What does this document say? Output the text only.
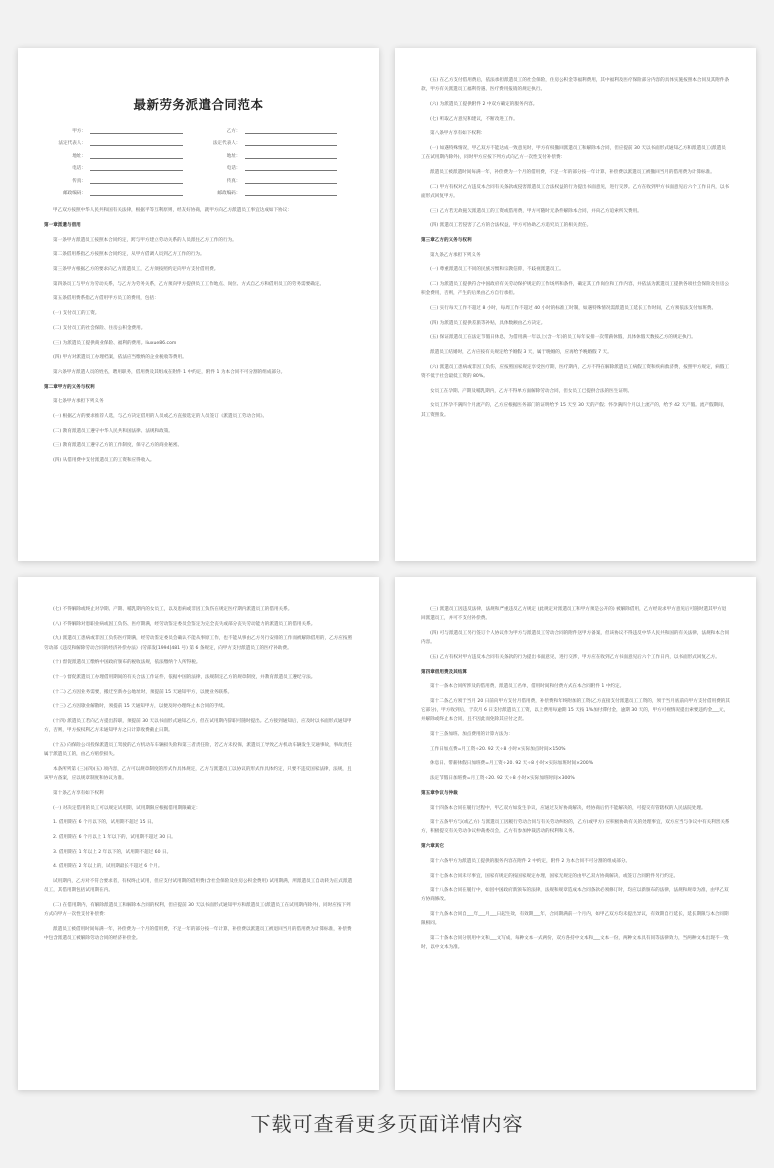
最新劳务派遣合同范本
甲方：	乙方：
法定代表人：	法定代表人：
地址：	地址：
电话：	电话：
传真：	传真：
邮政编码：	邮政编码：
甲乙双方按照中华人民共和国有关法律，根据平等互利原则，经友好协商，就甲方向乙方派遣员工事宜达成如下协议：
第一章派遣与借用
第一条甲方派遣员工按照本合同约定，跨与甲方建立劳动关系的人员派往乙方工作的行为。
第二条借用系指乙方按照本合同约定，从甲方借调人员到乙方工作的行为。
第三条甲方根据乙方的要求向乙方派遣员工，乙方须按照约定向甲方支付借用费。
第四条员工与甲方为劳动关系，与乙方为劳务关系，乙方须向甲方提供员工工作地点、岗位、方式自乙方和借用员工的劳务需要确定。
第五条借用费系指乙方借用甲方员工的费用，包括：
(一) 支付员工的工资。
(二) 支付员工的社会保险、住房公积金费用。
(三) 为派遣员工提供商业保险、福利的费用。liuxue86.com
(四) 甲方对派遣员工办理档案，依法应当缴纳的企业税收等费用。
第六条甲方派遣人员的姓名，聘用职务，借用费及其组成在附件 1 中约定，附件 1 为本合同不可分割的组成部分。
第二章甲方的义务与权利
第七条甲方承担下列义务
(一) 根据乙方的要求推荐人选，与乙方决定借用的人员或乙方直接选定的人员签订《派遣员工劳动合同》。
(二) 教育派遣员工遵守中华人民共和国法律、法规和政策。
(三) 教育派遣员工遵守乙方的工作制度，保守乙方的商业秘密。
(四) 从借用费中支付派遣员工的工资和应得收入。
(五) 在乙方支付借用费后，依法承担派遣员工的社会保险，住房公积金等福利费用，其中福利及医疗保险部分内容的具体实施按照本合同及其附件条款，甲方有关派遣员工福利待遇、医疗费用报销的规定执行。
(六) 为派遣员工提供附件 2 中双方确定的服务内容。
(七) 听取乙方意见和建议，不断改进工作。
第八条甲方享有如下权利：
(一) 如遇特殊情况，甲乙双方不能达成一致意见时，甲方有权撤回派遣员工和解除本合同，但应提前 30 天以书面形式通知乙方和派遣员工(派遣员工在试用期内除外)，同时甲方应按下列方式向乙方一次性支付补偿费：
派遣员工被派遣时间每满一年，补偿费为一个月的借用费，不足一年的部分按一年计算，补偿费以派遣员工被撤回当月的借用费为计算标准。
(二) 甲方有权对乙方违反本合同有关条款或侵害派遣员工合法权益的行为提出书面意见，进行交涉。乙方在收到甲方书面意见后六个工作日内，以书面形式回复甲方。
(三) 乙方若无故拖欠派遣员工的工资或借用费，甲方可随时无条件解除本合同，并向乙方追索所欠费用。
(四) 派遣员工若侵害了乙方的合法权益，甲方可协助乙方追究员工的相关责任。
第三章乙方的义务与权利
第九条乙方承担下列义务
(一) 尊重派遣员工不同的民族习惯和宗教信仰，不歧视派遣员工。
(二) 为派遣员工提供符合中国政府有关劳动保护规定的工作场所和条件，确定其工作岗位和工作内容，并依法为派遣员工提供各项社会保险及住房公积金费用，否则，产生的后果由乙方自行承担。
(三) 实行每天工作不超过 8 小时，每周工作不超过 40 小时的标准工时制，如遇特殊情况需派遣员工延长工作时间，乙方须依法支付加班费。
(四) 为派遣员工提供差旅等补贴，具体数额由乙方决定。
(五) 保证派遣员工在法定节假日休息，为借用满一年以上(含一年)的员工每年安排一次带薪休假，具体休假天数按乙方的规定执行。
派遣员工结婚时，乙方应按有关规定给予婚假 3 天，属于晚婚的，应再给予晚婚假 7 天。
(六) 派遣员工患病或非因工负伤，应按照国家规定享受医疗期，医疗期内，乙方不得在解除派遣员工病假工资和疾病救济费，按照甲方规定，病假工资不低于社会最低工资的 80%。
女员工在孕期、产期及哺乳期内，乙方不得单方面解除劳动合同，但女员工已提供合法的医生证明。
女员工怀孕不满四个月流产的，乙方应根据医务部门的证明给予 15 天至 30 天的产假；怀孕满四个月以上流产的，给予 42 天产假。流产假期间，其工资照发。
(七) 不得解除或终止对孕期、产期、哺乳期内的女员工，以及患病或非因工负伤在规定医疗期内派遣员工的借用关系。
(八) 不得解除对患职业病或因工负伤、医疗期满，经劳动鉴定委员会鉴定为完全丧失或部分丧失劳动能力的派遣员工的借用关系。
(九) 派遣员工患病或非因工负伤医疗期满，经劳动鉴定委员会确认不能从事原工作，也不能从事由乙方另行安排的工作而被解除借用的，乙方应按照劳动部《违反和解除劳动合同的经济补偿办法》(劳部发[1994]481 号) 第 6 条规定，向甲方支付派遣员工的医疗补助费。
(十) 督促派遣员工缴纳中国政府颁布的税收法规，依法缴纳个人所得税。
(十一) 督促派遣员工办理借用期间的有关合法工作证件，依据中国的法律，法规制定乙方的规章制度，并教育派遣员工遵纪守法。
(十二) 乙方因业务需要，搬迁至新办公地址时，须提前 15 天通知甲方，以便业务联系。
(十三) 乙方因歇业解散时，须提前 15 天通知甲方，以便及时办理终止本合同的手续。
(十四) 派遣员工若向乙方提出辞职，须提前 30 天以书面形式通知乙方，但在试用期内辞职可随时提出。乙方接到通知后，应及时以书面形式通知甲方，否则，甲方按权利乙方未通知甲方之日计算收费截止日期。
(十五) 向保险公司投保派遣员工驾驶的乙方机动车车辆损失险和第三者责任险，若乙方未投保，派遣员工导致乙方机动车辆发生交通事故，事故责任属于派遣员工的，由乙方赔偿损失。
本条所列第 (三)(四)(五) 项内容，乙方可以规章制度的形式作具体规定，乙方与派遣员工以协议的形式作具体约定，只要不违反国家法律，法规，且该甲方备案，应以规章制度和协议为准。
第十条乙方享有如下权利
(一) 对决定借用的员工可以规定试用期，试用期限应根据借用期限确定：
1. 借用期在 6 个月以下的，试用期不超过 15 日。
2. 借用期在 6 个月以上 1 年以下的，试用期不超过 30 日。
3. 借用期在 1 年以上 2 年以下的，试用期不超过 60 日。
4. 借用期在 2 年以上的，试用期最长不超过 6 个月。
试用期内，乙方对不符合要求者，有权终止试用，但应支付试用期的借用费(含社会保险及住房公积金费用) 试用期满，所派遣员工自动转为正式派遣员工，其借用期包括试用期在内。
(二) 在借用期内，有解除派遣员工和解除本合同的权利，但应提前 30 天以书面形式通知甲方和派遣员工(派遣员工在试用期内除外)，同时应按下列方式向甲方一次性支付补偿费：
派遣员工被借用时间每满一年，补偿费为一个月的借用费，不足一年的部分按一年计算，补偿费以派遣员工被退回当月的借用费为计算标准，补偿费中包含派遣员工被解除劳动合同的经济补偿金。
(三) 派遣员工因违反法律，法规和严重违反乙方规定 (此规定对派遣员工和甲方须是公开的) 被解除借用，乙方经说求甲方意见后可随时遣其甲方退回派遣员工，并可不支付补偿费。
(四) 可与派遣员工另行签订个人协议作为甲方与派遣员工劳动合同的附件送甲方备案，但该协议不得违反中华人民共和国的有关法律，法规和本合同内容。
(五) 乙方有权对甲方违反本合同有关条款的行为提出书面意见，进行交涉，甲方应在收到乙方书面意见后六个工作日内，以书面形式回复乙方。
第四章借用费及其结算
第十一条本合同所涉及的借用费，派遣员工名单，借用时间和付费方式在本合同附件 1 中约定。
第十二条乙方须于当月 20 日前向甲方支付月借用费，补偿费和年终附加的工资(乙方直接支付派遣员工工资的，须于当月底前向甲方支付借用费的其它部分)，甲方收到后，于次月 6 日支付派遣员工工资，以上费用每逾期 15 天按 1%加付滞付金，逾期 30 天的，甲方可视情况提出索要违约金___元，并解除或终止本合同，且不因此而免除其应付之责。
第十三条加班、加点费用的计算方法为：
工作日加点费=月工资÷20. 92 天÷8 小时×实际加点时间×150%
休息日、带薪休假日加班费=月工资÷20. 92 天÷8 小时×实际加班时间×200%
法定节假日加班费=月工资÷20. 92 天÷8 小时×实际加班时间×300%
第五章争议与仲裁
第十四条本合同在履行过程中，甲乙双方如发生争议，应通过友好协商解决，经协商后仍不能解决的，可提交有管辖权的人民法院处理。
第十五条甲方与(或乙方) 与派遣员工因履行劳动合同与有关劳动纠纷的，乙方(或甲方) 应积极协助有关的处理事宜，双方应当与争议中有关利害关系方，积极提交有关劳动争议仲裁委员会，乙方有参加仲裁活动的权利和义务。
第六章其它
第十六条甲方为派遣员工提供的服务内容在附件 2 中约定，附件 2 为本合同不可分割的组成部分。
第十七条本合同未尽事宜，国家有规定的按国家规定办理，国家无规定的由甲乙双方协商解决，或签订合同附件另行约定。
第十八条本合同在履行中，如因中国政府新颁布的法律，法规和规章造成本合同条款必须修订时，均应以新颁布的法律，法规和规章为准，由甲乙双方协商修改。
第十九条本合同自___年___月___日起生效，有效期___年，合同期满前一个月内，如甲乙双方均未提出异议，有效期自行延长，延长期限与本合同期限相同。
第二十条本合同分别用中文和___文写成，每种文本一式两份，双方各持中文本和___文本一份，两种文本具有同等法律效力，当两种文本出现不一致时，以中文本为准。
下载可查看更多页面详情内容
